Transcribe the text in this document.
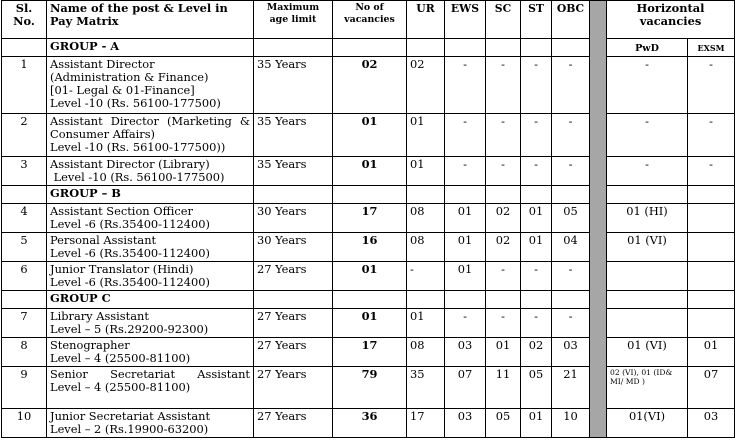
Sl. No.	Name of the post & Level in Pay Matrix	Maximum age limit	No of vacancies	UR	EWS	SC	ST	OBC		Horizontal vacancies	
	GROUP - A									PwD	EXSM
1	Assistant Director
(Administration & Finance)
[01- Legal & 01-Finance]
Level -10 (Rs. 56100-177500)	35 Years	02	02	-	-	-	-		-	-
2	Assistant Director (Marketing & Consumer Affairs)
Level -10 (Rs. 56100-177500))	35 Years	01	01	-	-	-	-		-	-
3	Assistant Director (Library)
Level -10 (Rs. 56100-177500)	35 Years	01	01	-	-	-	-		-	-
	GROUP – B										
4	Assistant Section Officer
Level -6 (Rs.35400-112400)	30 Years	17	08	01	02	01	05		01 (HI)	
5	Personal Assistant
Level -6 (Rs.35400-112400)	30 Years	16	08	01	02	01	04		01 (VI)	
6	Junior Translator (Hindi)
Level -6 (Rs.35400-112400)	27 Years	01	-	01	-	-	-			
	GROUP C										
7	Library Assistant
Level – 5 (Rs.29200-92300)	27 Years	01	01	-	-	-	-			
8	Stenographer
Level – 4 (25500-81100)	27 Years	17	08	03	01	02	03		01 (VI)	01
9	Senior Secretariat Assistant
Level – 4 (25500-81100)	27 Years	79	35	07	11	05	21		02 (VI), 01 (ID& MI/ MD )	07
10	Junior Secretariat Assistant
Level – 2 (Rs.19900-63200)	27 Years	36	17	03	05	01	10		01(VI)	03
